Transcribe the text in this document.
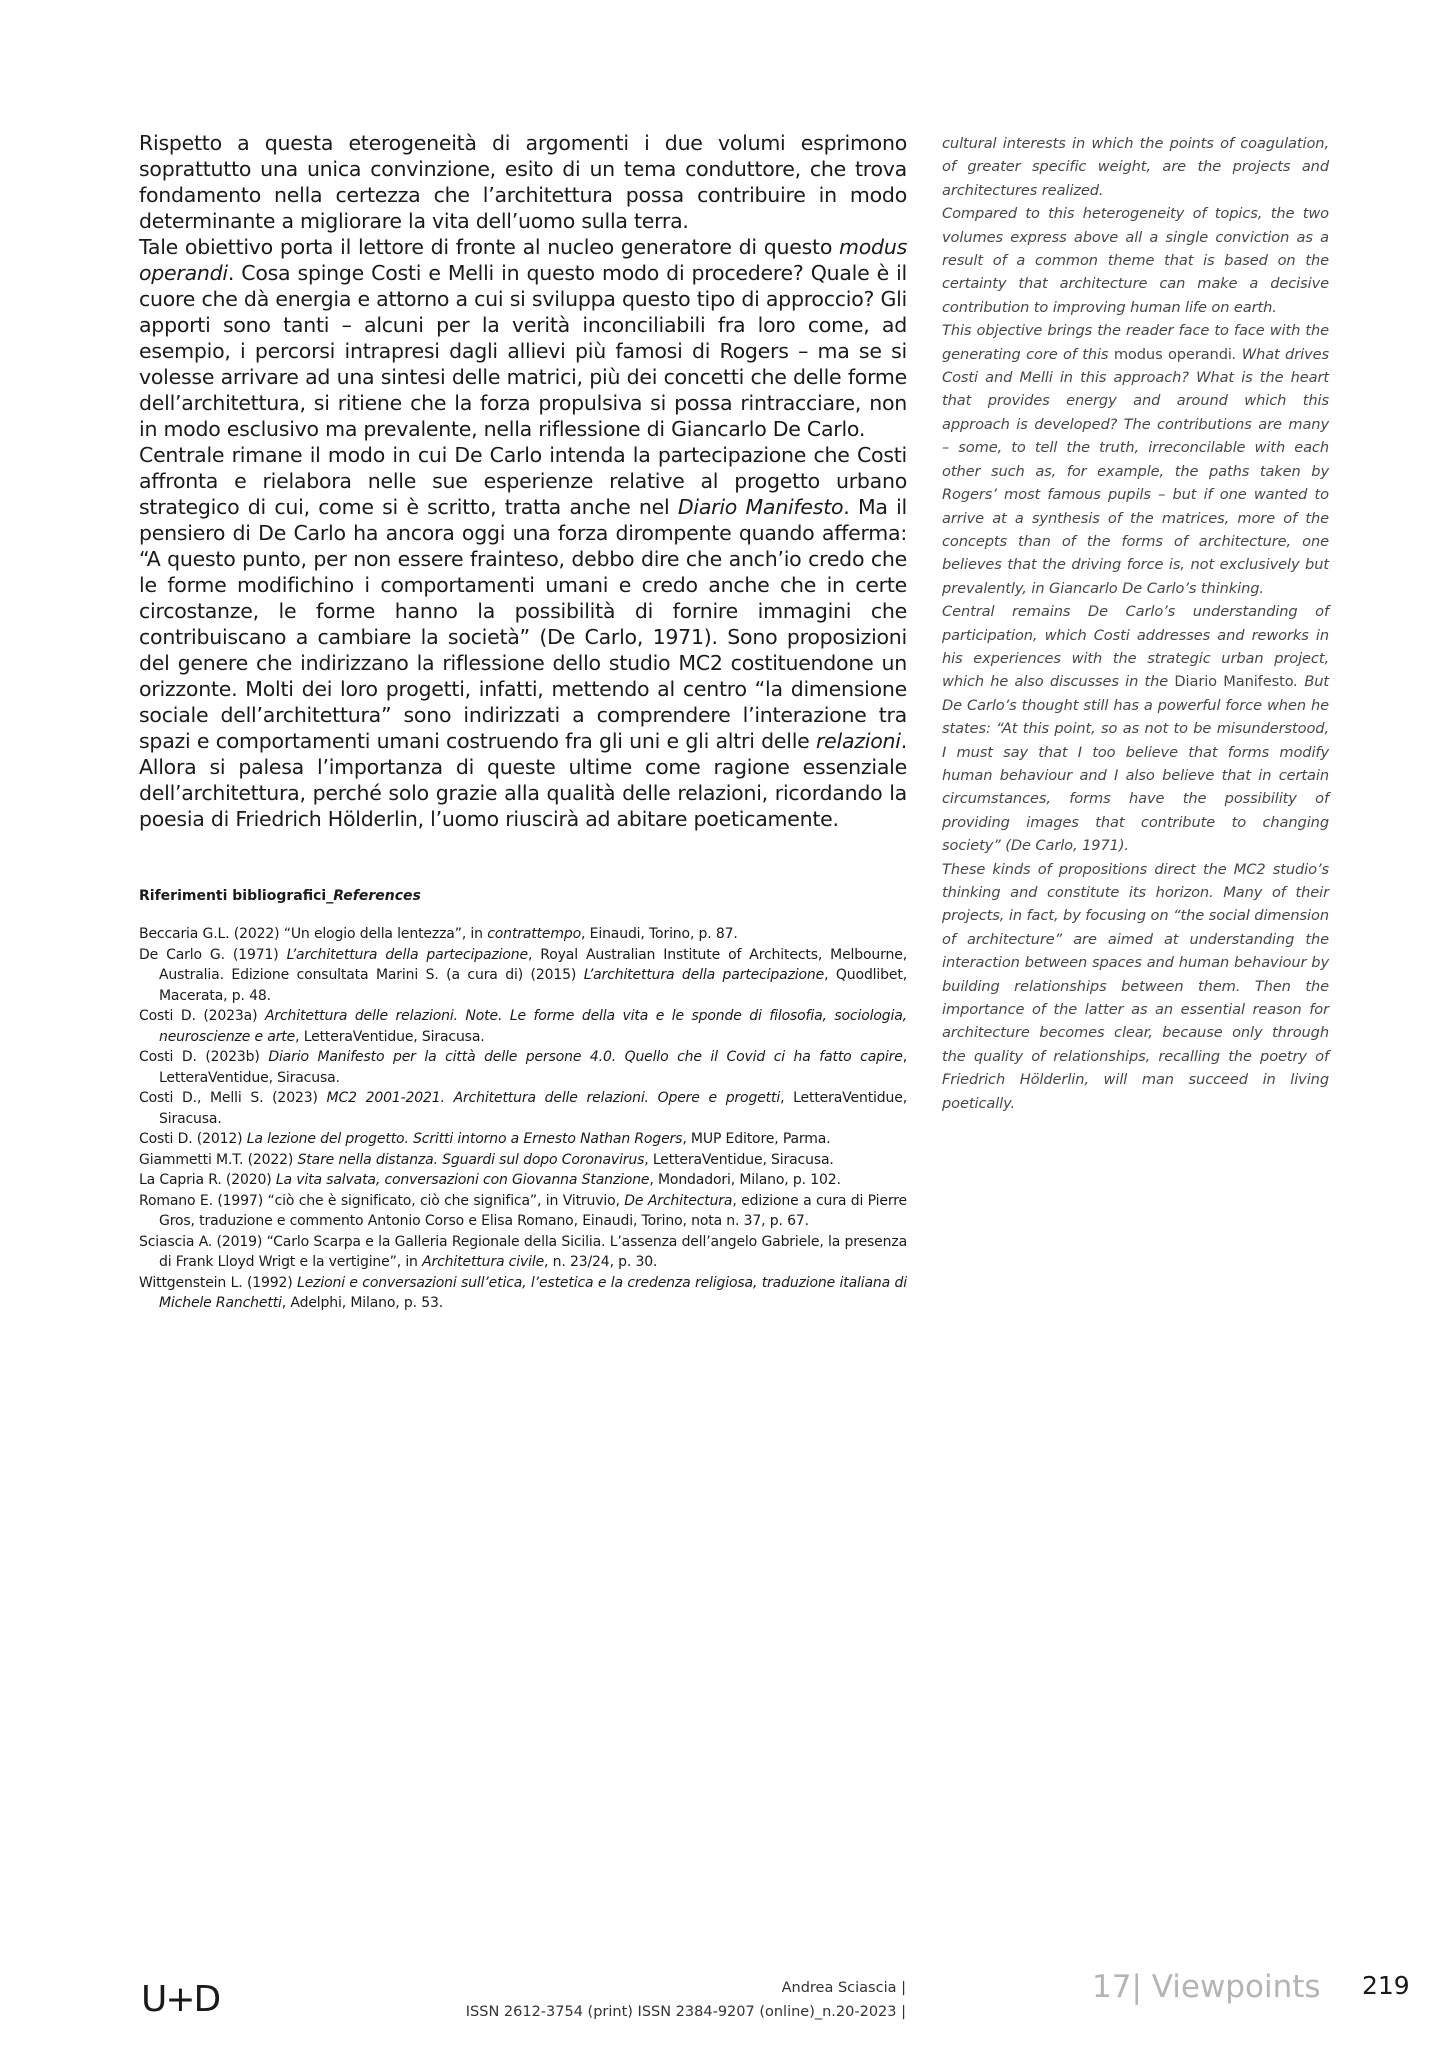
Rispetto a questa eterogeneità di argomenti i due volumi esprimono soprattutto una unica convinzione, esito di un tema conduttore, che trova fondamento nella certezza che l’architettura possa contribuire in modo determinante a migliorare la vita dell’uomo sulla terra.

Tale obiettivo porta il lettore di fronte al nucleo generatore di questo modus operandi. Cosa spinge Costi e Melli in questo modo di procedere? Quale è il cuore che dà energia e attorno a cui si sviluppa questo tipo di approccio? Gli apporti sono tanti – alcuni per la verità inconciliabili fra loro come, ad esempio, i percorsi intrapresi dagli allievi più famosi di Rogers – ma se si volesse arrivare ad una sintesi delle matrici, più dei concetti che delle forme dell’architettura, si ritiene che la forza propulsiva si possa rintracciare, non in modo esclusivo ma prevalente, nella riflessione di Giancarlo De Carlo.

Centrale rimane il modo in cui De Carlo intenda la partecipazione che Costi affronta e rielabora nelle sue esperienze relative al progetto urbano strategico di cui, come si è scritto, tratta anche nel Diario Manifesto. Ma il pensiero di De Carlo ha ancora oggi una forza dirompente quando afferma: “A questo punto, per non essere frainteso, debbo dire che anch’io credo che le forme modifichino i comportamenti umani e credo anche che in certe circostanze, le forme hanno la possibilità di fornire immagini che contribuiscano a cambiare la società” (De Carlo, 1971). Sono proposizioni del genere che indirizzano la riflessione dello studio MC2 costituendone un orizzonte. Molti dei loro progetti, infatti, mettendo al centro “la dimensione sociale dell’architettura” sono indirizzati a comprendere l’interazione tra spazi e comportamenti umani costruendo fra gli uni e gli altri delle relazioni. Allora si palesa l’importanza di queste ultime come ragione essenziale dell’architettura, perché solo grazie alla qualità delle relazioni, ricordando la poesia di Friedrich Hölderlin, l’uomo riuscirà ad abitare poeticamente.

Riferimenti bibliografici_References
Beccaria G.L. (2022) “Un elogio della lentezza”, in contrattempo, Einaudi, Torino, p. 87.
De Carlo G. (1971) L’architettura della partecipazione, Royal Australian Institute of Architects, Melbourne, Australia. Edizione consultata Marini S. (a cura di) (2015) L’architettura della partecipazione, Quodlibet, Macerata, p. 48.
Costi D. (2023a) Architettura delle relazioni. Note. Le forme della vita e le sponde di filosofia, sociologia, neuroscienze e arte, LetteraVentidue, Siracusa.
Costi D. (2023b) Diario Manifesto per la città delle persone 4.0. Quello che il Covid ci ha fatto capire, LetteraVentidue, Siracusa.
Costi D., Melli S. (2023) MC2 2001-2021. Architettura delle relazioni. Opere e progetti, LetteraVentidue, Siracusa.
Costi D. (2012) La lezione del progetto. Scritti intorno a Ernesto Nathan Rogers, MUP Editore, Parma.
Giammetti M.T. (2022) Stare nella distanza. Sguardi sul dopo Coronavirus, LetteraVentidue, Siracusa.
La Capria R. (2020) La vita salvata, conversazioni con Giovanna Stanzione, Mondadori, Milano, p. 102.
Romano E. (1997) “ciò che è significato, ciò che significa”, in Vitruvio, De Architectura, edizione a cura di Pierre Gros, traduzione e commento Antonio Corso e Elisa Romano, Einaudi, Torino, nota n. 37, p. 67.
Sciascia A. (2019) “Carlo Scarpa e la Galleria Regionale della Sicilia. L’assenza dell’angelo Gabriele, la presenza di Frank Lloyd Wrigt e la vertigine”, in Architettura civile, n. 23/24, p. 30.
Wittgenstein L. (1992) Lezioni e conversazioni sull’etica, l’estetica e la credenza religiosa, traduzione italiana di Michele Ranchetti, Adelphi, Milano, p. 53.

cultural interests in which the points of coagulation, of greater specific weight, are the projects and architectures realized.

Compared to this heterogeneity of topics, the two volumes express above all a single conviction as a result of a common theme that is based on the certainty that architecture can make a decisive contribution to improving human life on earth.

This objective brings the reader face to face with the generating core of this modus operandi. What drives Costi and Melli in this approach? What is the heart that provides energy and around which this approach is developed? The contributions are many – some, to tell the truth, irreconcilable with each other such as, for example, the paths taken by Rogers’ most famous pupils – but if one wanted to arrive at a synthesis of the matrices, more of the concepts than of the forms of architecture, one believes that the driving force is, not exclusively but prevalently, in Giancarlo De Carlo’s thinking.

Central remains De Carlo’s understanding of participation, which Costi addresses and reworks in his experiences with the strategic urban project, which he also discusses in the Diario Manifesto. But De Carlo’s thought still has a powerful force when he states: “At this point, so as not to be misunderstood, I must say that I too believe that forms modify human behaviour and I also believe that in certain circumstances, forms have the possibility of providing images that contribute to changing society” (De Carlo, 1971).

These kinds of propositions direct the MC2 studio’s thinking and constitute its horizon. Many of their projects, in fact, by focusing on “the social dimension of architecture” are aimed at understanding the interaction between spaces and human behaviour by building relationships between them. Then the importance of the latter as an essential reason for architecture becomes clear, because only through the quality of relationships, recalling the poetry of Friedrich Hölderlin, will man succeed in living poetically.

U+D	Andrea Sciascia |
ISSN 2612-3754 (print) ISSN 2384-9207 (online)_n.20-2023 |
17| Viewpoints 219
